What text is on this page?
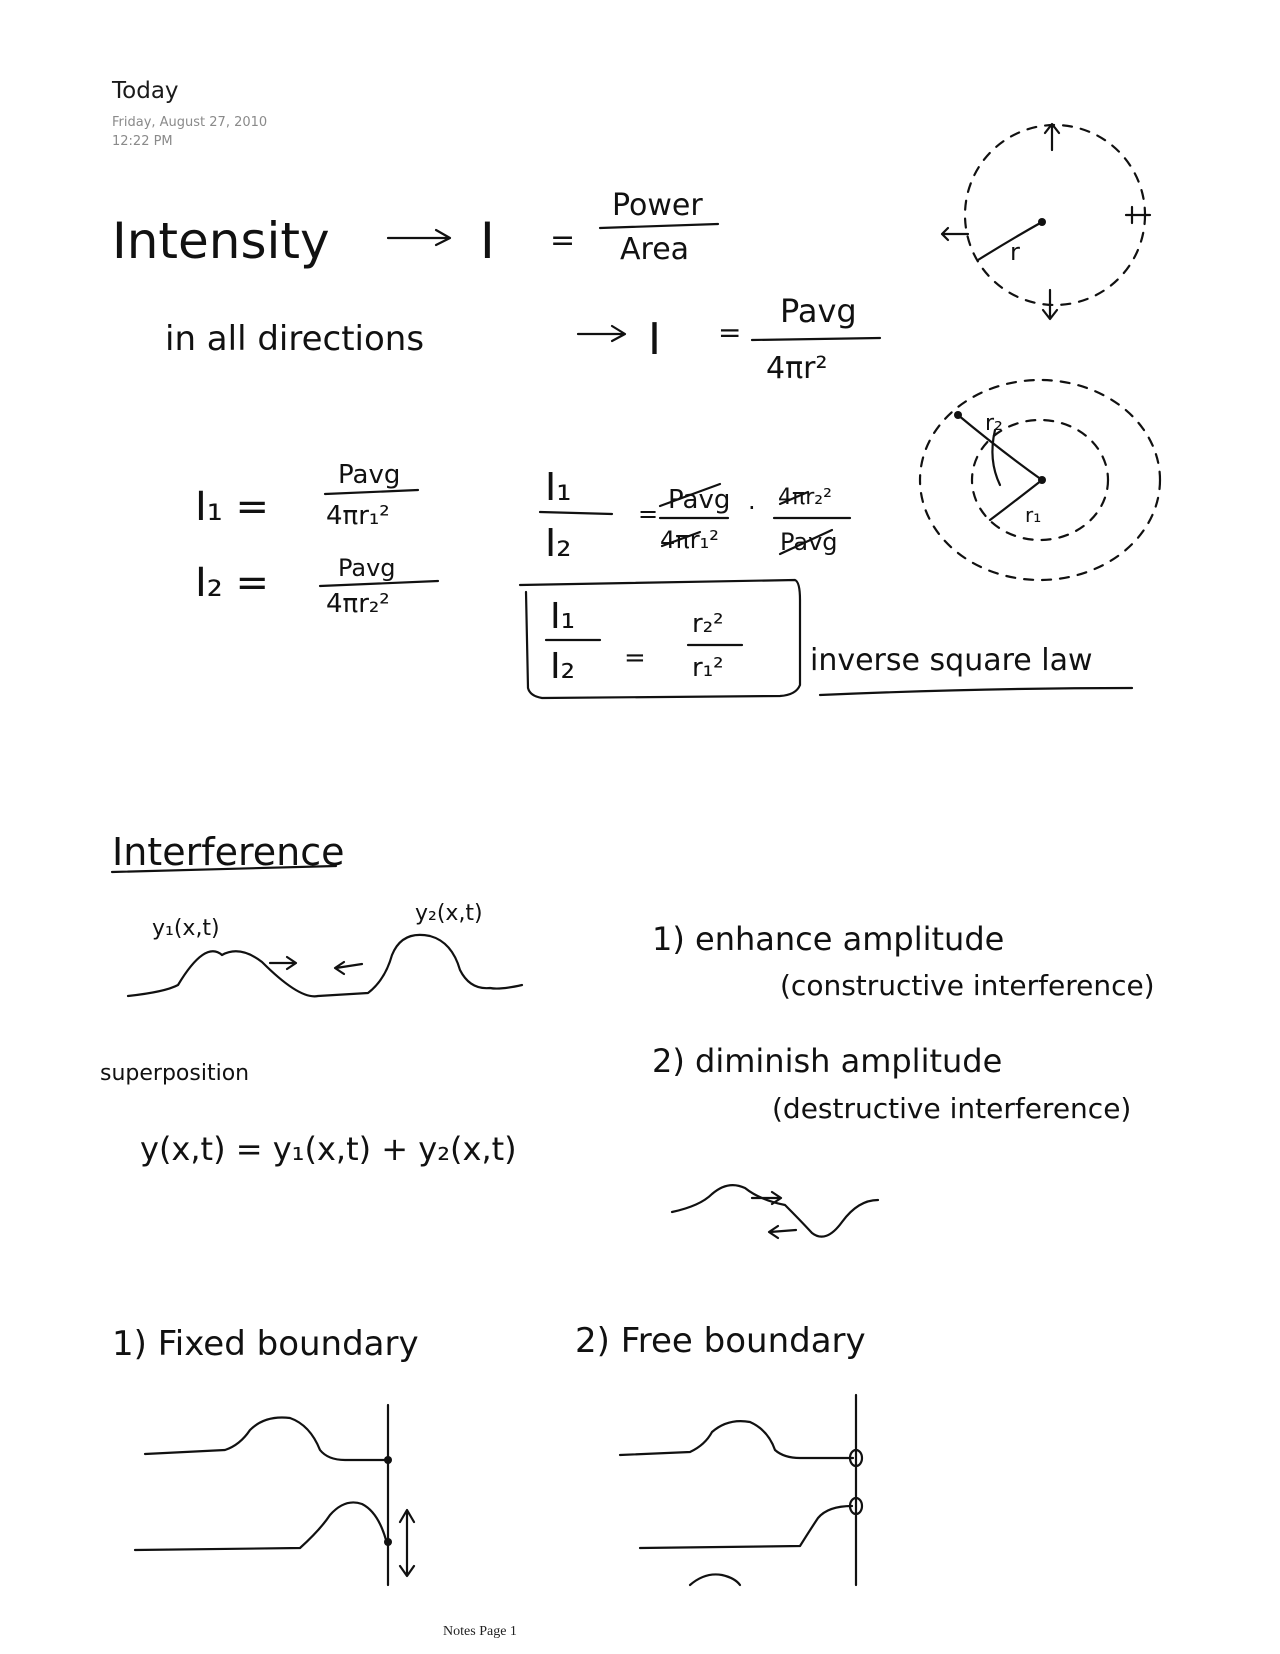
Today
Friday, August 27, 2010
12:22 PM
Intensity	I =
Power
Area	r
in all directions	I =
Pavg
4πr²
I₁ =
Pavg
4πr₁²
I₂ =	Pavg
4πr₂²
I₁
I₂
= Pavg
4πr₁²
· 4πr₂²
Pavg
I₁
I₂ =
r₂²
r₁²	inverse square law
r₂
r₁
Interference
y₁(x,t)
y₂(x,t)
superposition
y(x,t) = y₁(x,t) + y₂(x,t)
1) enhance amplitude
(constructive interference)
2) diminish amplitude
(destructive interference)
1) Fixed boundary	2) Free boundary
Notes Page 1
